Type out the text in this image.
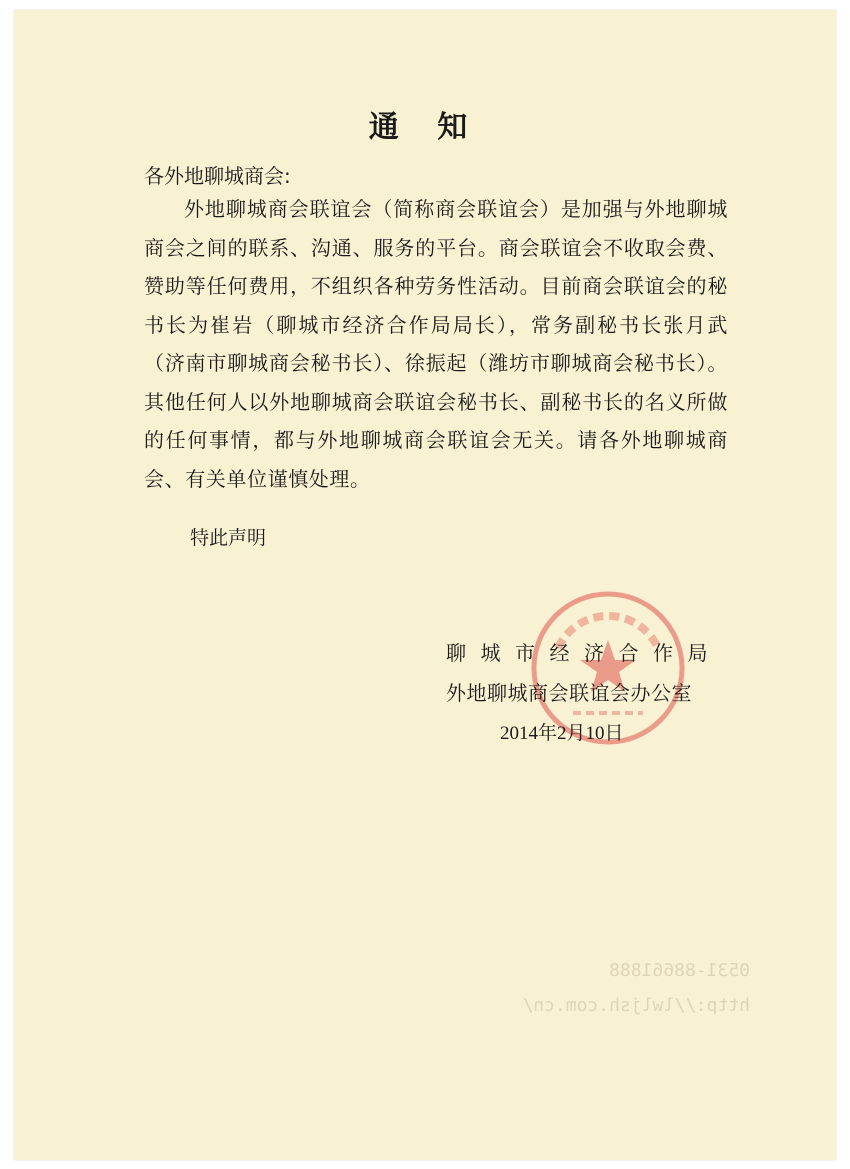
0531-88661888
http://lwljsh.com.cn/
通 知
各外地聊城商会:
外地聊城商会联谊会（简称商会联谊会）是加强与外地聊城商会之间的联系、沟通、服务的平台。商会联谊会不收取会费、赞助等任何费用，不组织各种劳务性活动。目前商会联谊会的秘书长为崔岩（聊城市经济合作局局长），常务副秘书长张月武（济南市聊城商会秘书长）、徐振起（潍坊市聊城商会秘书长）。其他任何人以外地聊城商会联谊会秘书长、副秘书长的名义所做的任何事情，都与外地聊城商会联谊会无关。请各外地聊城商会、有关单位谨慎处理。
特此声明
聊城市经济合作局
外地聊城商会联谊会办公室
2014年2月10日
